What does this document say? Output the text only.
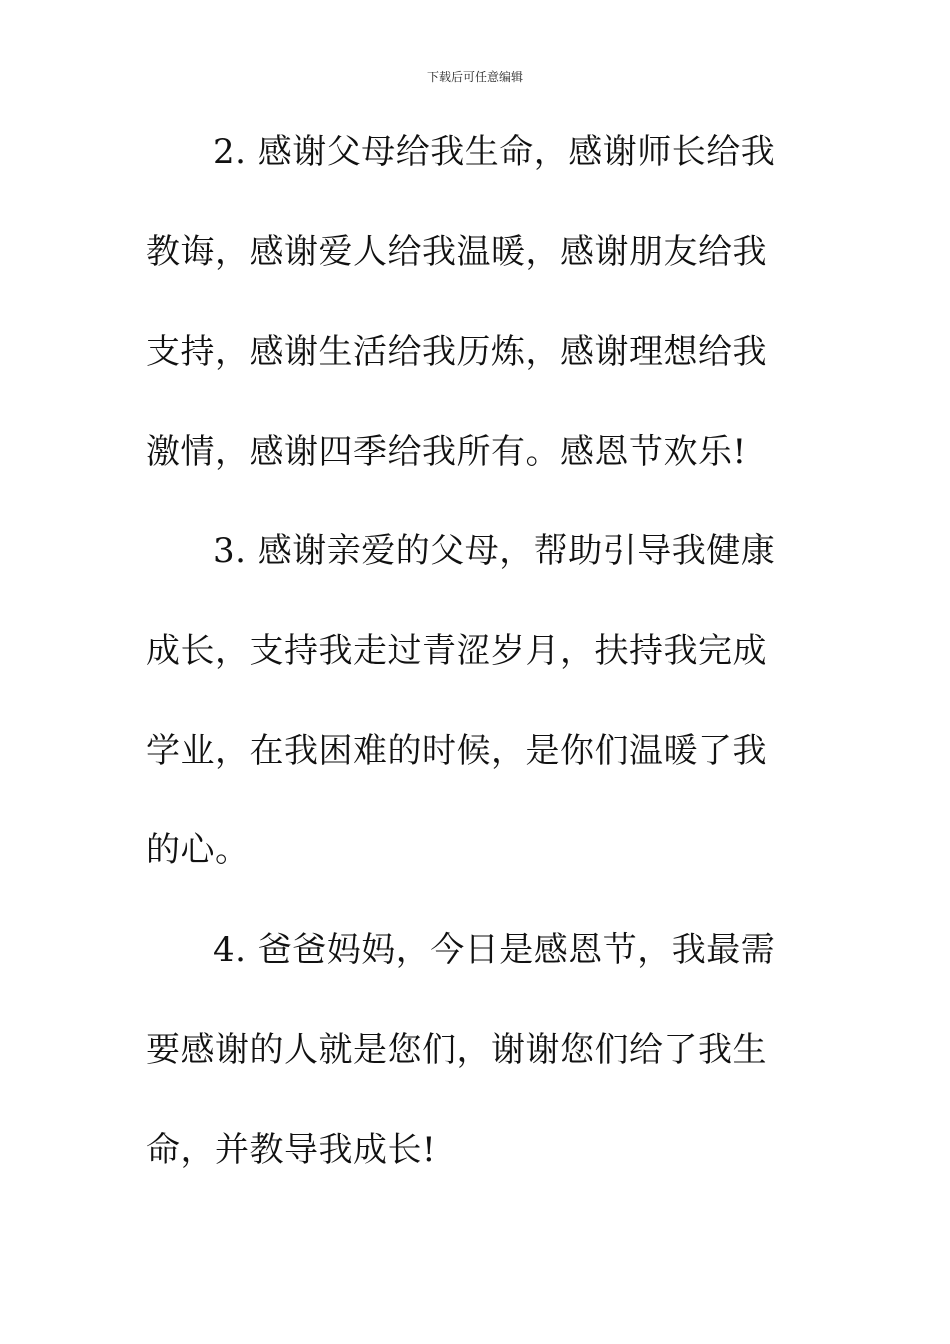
下载后可任意编辑
2. 感谢父母给我生命，感谢师长给我
教诲，感谢爱人给我温暖，感谢朋友给我
支持，感谢生活给我历炼，感谢理想给我
激情，感谢四季给我所有。感恩节欢乐!
3. 感谢亲爱的父母，帮助引导我健康
成长，支持我走过青涩岁月，扶持我完成
学业，在我困难的时候，是你们温暖了我
的心。
4. 爸爸妈妈，今日是感恩节，我最需
要感谢的人就是您们，谢谢您们给了我生
命，并教导我成长!
